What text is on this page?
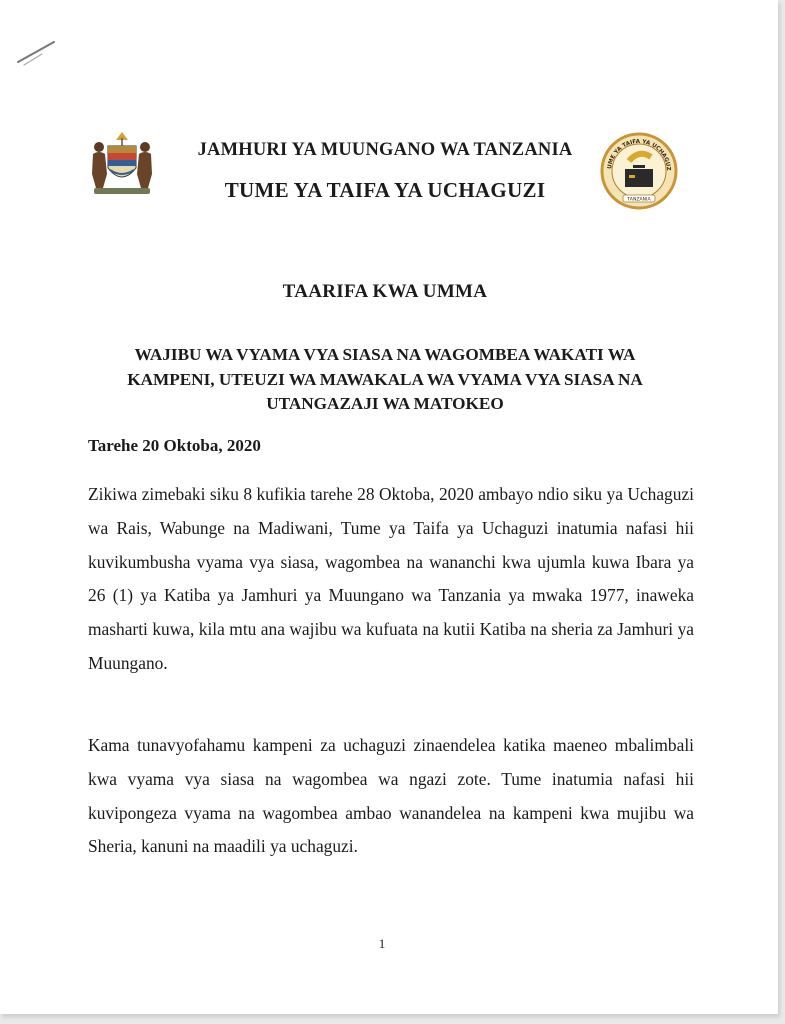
UME YA TAIFA YA UCHAGUZ
TANZANIA
JAMHURI YA MUUNGANO WA TANZANIA
TUME YA TAIFA YA UCHAGUZI
TAARIFA KWA UMMA
WAJIBU WA VYAMA VYA SIASA NA WAGOMBEA WAKATI WA
KAMPENI, UTEUZI WA MAWAKALA WA VYAMA VYA SIASA NA
UTANGAZAJI WA MATOKEO
Tarehe 20 Oktoba, 2020
Zikiwa zimebaki siku 8 kufikia tarehe 28 Oktoba, 2020 ambayo ndio siku ya Uchaguzi wa Rais, Wabunge na Madiwani, Tume ya Taifa ya Uchaguzi inatumia nafasi hii kuvikumbusha vyama vya siasa, wagombea na wananchi kwa ujumla kuwa Ibara ya 26 (1) ya Katiba ya Jamhuri ya Muungano wa Tanzania ya mwaka 1977, inaweka masharti kuwa, kila mtu ana wajibu wa kufuata na kutii Katiba na sheria za Jamhuri ya Muungano.
Kama tunavyofahamu kampeni za uchaguzi zinaendelea katika maeneo mbalimbali kwa vyama vya siasa na wagombea wa ngazi zote. Tume inatumia nafasi hii kuvipongeza vyama na wagombea ambao wanandelea na kampeni kwa mujibu wa Sheria, kanuni na maadili ya uchaguzi.
1
